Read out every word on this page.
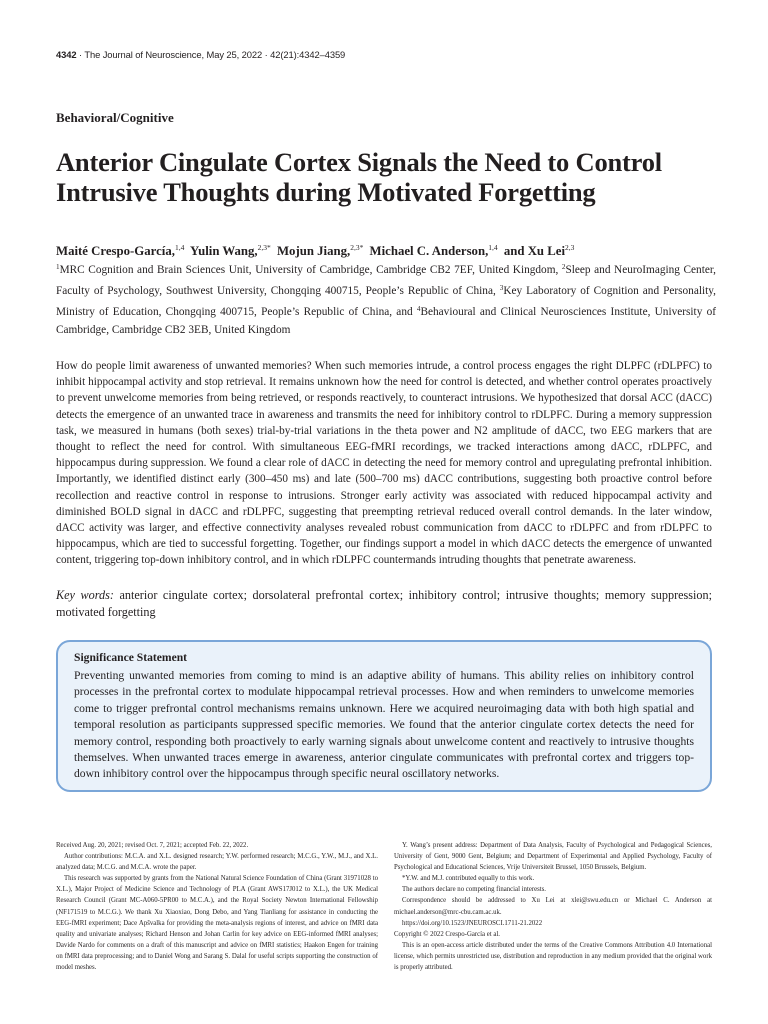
4342 · The Journal of Neuroscience, May 25, 2022 · 42(21):4342–4359
Behavioral/Cognitive
Anterior Cingulate Cortex Signals the Need to Control
Intrusive Thoughts during Motivated Forgetting
Maité Crespo-García,$^{1,4}$ Yulin Wang,$^{2,3*}$ Mojun Jiang,$^{2,3*}$ Michael C. Anderson,$^{1,4}$ and Xu Lei$^{2,3}$
$^1$MRC Cognition and Brain Sciences Unit, University of Cambridge, Cambridge CB2 7EF, United Kingdom, $^2$Sleep and NeuroImaging Center, Faculty of Psychology, Southwest University, Chongqing 400715, People’s Republic of China, $^3$Key Laboratory of Cognition and Personality, Ministry of Education, Chongqing 400715, People’s Republic of China, and $^4$Behavioural and Clinical Neurosciences Institute, University of Cambridge, Cambridge CB2 3EB, United Kingdom
How do people limit awareness of unwanted memories? When such memories intrude, a control process engages the right DLPFC (rDLPFC) to inhibit hippocampal activity and stop retrieval. It remains unknown how the need for control is detected, and whether control operates proactively to prevent unwelcome memories from being retrieved, or responds reactively, to counteract intrusions. We hypothesized that dorsal ACC (dACC) detects the emergence of an unwanted trace in awareness and transmits the need for inhibitory control to rDLPFC. During a memory suppression task, we measured in humans (both sexes) trial-by-trial variations in the theta power and N2 amplitude of dACC, two EEG markers that are thought to reflect the need for control. With simultaneous EEG-fMRI recordings, we tracked interactions among dACC, rDLPFC, and hippocampus during suppression. We found a clear role of dACC in detecting the need for memory control and upregulating prefrontal inhibition. Importantly, we identified distinct early (300–450 ms) and late (500–700 ms) dACC contributions, suggesting both proactive control before recollection and reactive control in response to intrusions. Stronger early activity was associated with reduced hippocampal activity and diminished BOLD signal in dACC and rDLPFC, suggesting that preempting retrieval reduced overall control demands. In the later window, dACC activity was larger, and effective connectivity analyses revealed robust communication from dACC to rDLPFC and from rDLPFC to hippocampus, which are tied to successful forgetting. Together, our findings support a model in which dACC detects the emergence of unwanted content, triggering top-down inhibitory control, and in which rDLPFC countermands intruding thoughts that penetrate awareness.
Key words: anterior cingulate cortex; dorsolateral prefrontal cortex; inhibitory control; intrusive thoughts; memory suppression; motivated forgetting
Significance Statement
Preventing unwanted memories from coming to mind is an adaptive ability of humans. This ability relies on inhibitory control processes in the prefrontal cortex to modulate hippocampal retrieval processes. How and when reminders to unwelcome memories come to trigger prefrontal control mechanisms remains unknown. Here we acquired neuroimaging data with both high spatial and temporal resolution as participants suppressed specific memories. We found that the anterior cingulate cortex detects the need for memory control, responding both proactively to early warning signals about unwelcome content and reactively to intrusive thoughts themselves. When unwanted traces emerge in awareness, anterior cingulate communicates with prefrontal cortex and triggers top-down inhibitory control over the hippocampus through specific neural oscillatory networks.

Received Aug. 20, 2021; revised Oct. 7, 2021; accepted Feb. 22, 2022.

Author contributions: M.C.A. and X.L. designed research; Y.W. performed research; M.C.G., Y.W., M.J., and X.L. analyzed data; M.C.G. and M.C.A. wrote the paper.

This research was supported by grants from the National Natural Science Foundation of China (Grant 31971028 to X.L.), Major Project of Medicine Science and Technology of PLA (Grant AWS17J012 to X.L.), the UK Medical Research Council (Grant MC-A060-5PR00 to M.C.A.), and the Royal Society Newton International Fellowship (NF171519 to M.C.G.). We thank Xu Xiaoxiao, Dong Debo, and Yang Tianliang for assistance in conducting the EEG-fMRI experiment; Dace Apšvalka for providing the meta-analysis regions of interest, and advice on fMRI data quality and univariate analyses; Richard Henson and Johan Carlin for key advice on EEG-informed fMRI analyses; Davide Nardo for comments on a draft of this manuscript and advice on fMRI statistics; Haakon Engen for training on fMRI data preprocessing; and to Daniel Wong and Sarang S. Dalal for useful scripts supporting the construction of model meshes.

Y. Wang’s present address: Department of Data Analysis, Faculty of Psychological and Pedagogical Sciences, University of Gent, 9000 Gent, Belgium; and Department of Experimental and Applied Psychology, Faculty of Psychological and Educational Sciences, Vrije Universiteit Brussel, 1050 Brussels, Belgium.

*Y.W. and M.J. contributed equally to this work.

The authors declare no competing financial interests.

Correspondence should be addressed to Xu Lei at xlei@swu.edu.cn or Michael C. Anderson at michael.anderson@mrc-cbu.cam.ac.uk.

https://doi.org/10.1523/JNEUROSCI.1711-21.2022

Copyright © 2022 Crespo-García et al.

This is an open-access article distributed under the terms of the Creative Commons Attribution 4.0 International license, which permits unrestricted use, distribution and reproduction in any medium provided that the original work is properly attributed.
